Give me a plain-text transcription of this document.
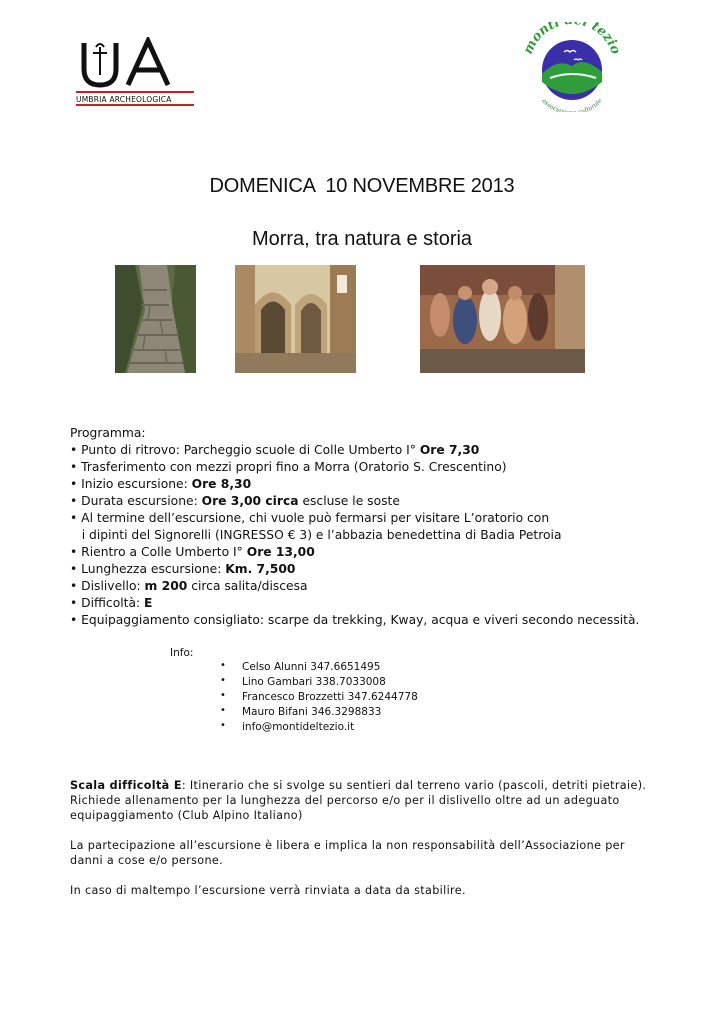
UMBRIA ARCHEOLOGICA
monti l tezio
associaz ulturale
DOMENICA  10 NOVEMBRE 2013
Morra, tra natura e storia
Programma:
• Punto di ritrovo: Parcheggio scuole di Colle Umberto I° Ore 7,30
• Trasferimento con mezzi propri fino a Morra (Oratorio S. Crescentino)
• Inizio escursione: Ore 8,30
• Durata escursione: Ore 3,00 circa escluse le soste
• Al termine dell’escursione, chi vuole può fermarsi per visitare L’oratorio con
i dipinti del Signorelli (INGRESSO € 3) e l’abbazia benedettina di Badia Petroia
• Rientro a Colle Umberto I° Ore 13,00
• Lunghezza escursione: Km. 7,500
• Dislivello: m 200 circa salita/discesa
• Difficoltà: E
• Equipaggiamento consigliato: scarpe da trekking, Kway, acqua e viveri secondo necessità.
Info:
• Celso Alunni 347.6651495
• Lino Gambari 338.7033008
• Francesco Brozzetti 347.6244778
• Mauro Bifani 346.3298833
• info@montideltezio.it
Scala difficoltà E: Itinerario che si svolge su sentieri dal terreno vario (pascoli, detriti pietraie). Richiede allenamento per la lunghezza del percorso e/o per il dislivello oltre ad un adeguato equipaggiamento (Club Alpino Italiano)
La partecipazione all’escursione è libera e implica la non responsabilità dell’Associazione per danni a cose e/o persone.
In caso di maltempo l’escursione verrà rinviata a data da stabilire.
